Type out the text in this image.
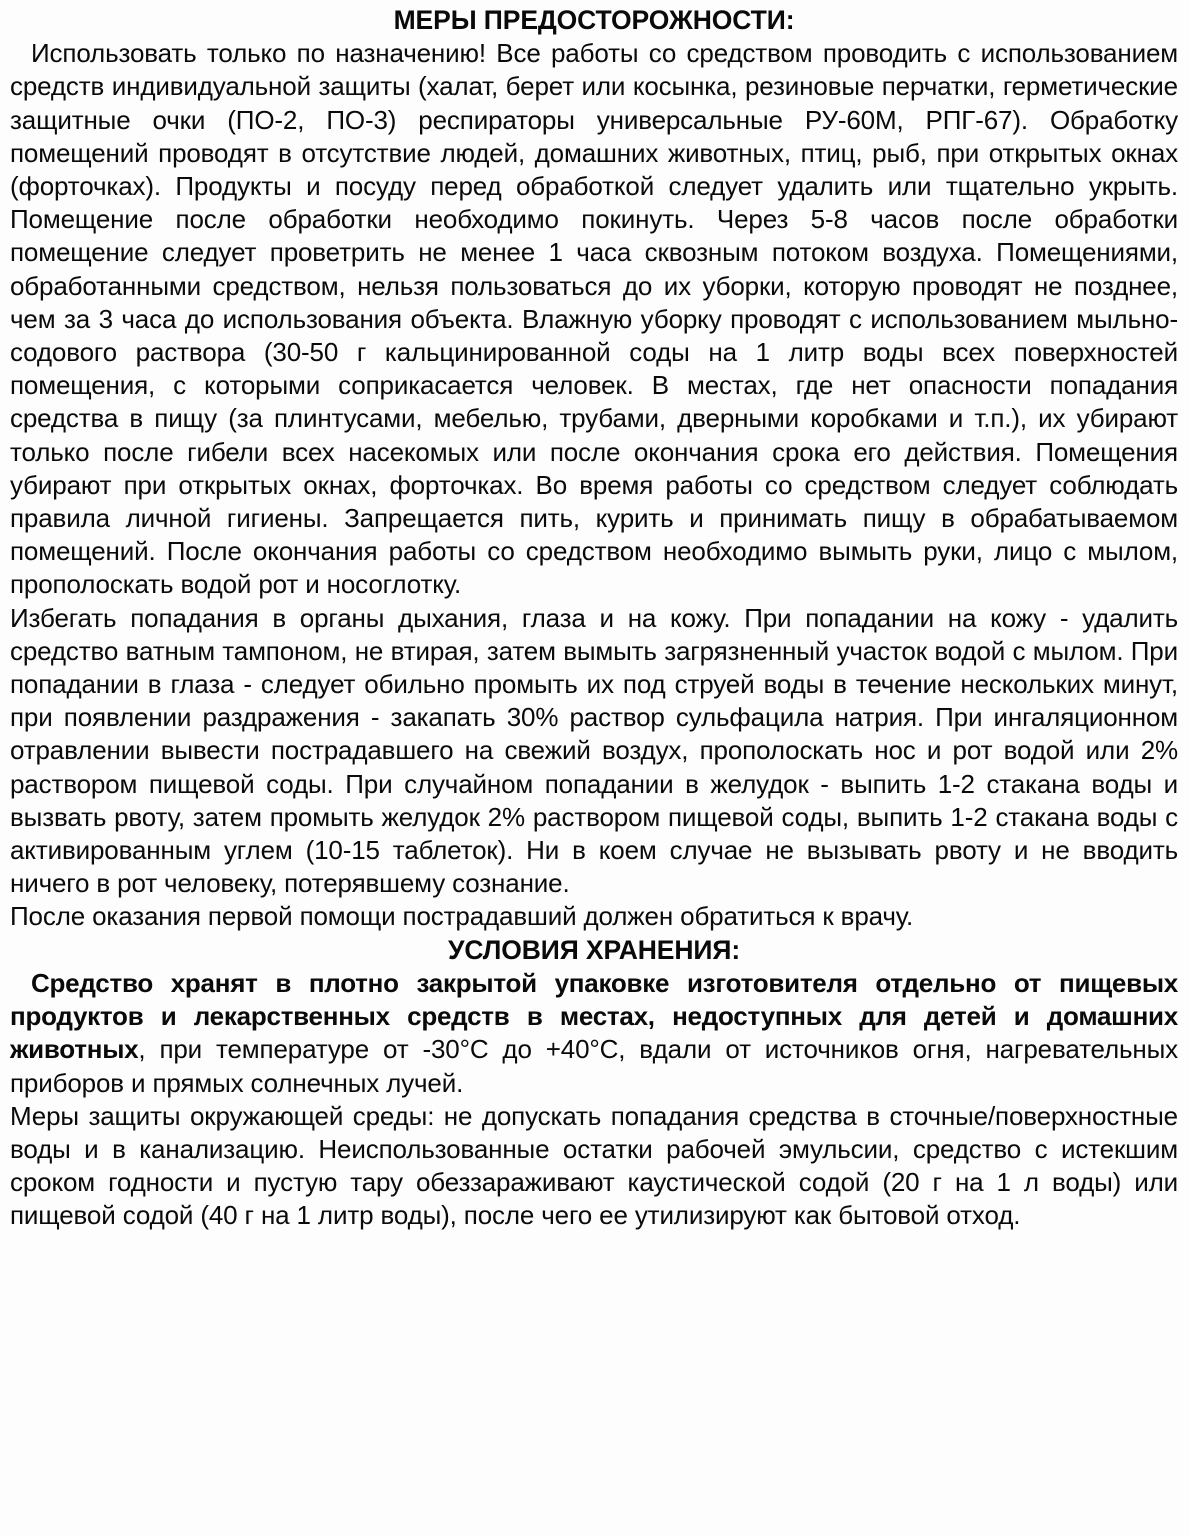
МЕРЫ ПРЕДОСТОРОЖНОСТИ:

Использовать только по назначению! Все работы со средством проводить с использованием средств индивидуальной защиты (халат, берет или косынка, резиновые перчатки, герметические защитные очки (ПО-2, ПО-3) респираторы универсальные РУ-60М, РПГ-67). Обработку помещений проводят в отсутствие людей, домашних животных, птиц, рыб, при открытых окнах (форточках). Продукты и посуду перед обработкой следует удалить или тщательно укрыть. Помещение после обработки необходимо покинуть. Через 5-8 часов после обработки помещение следует проветрить не менее 1 часа сквозным потоком воздуха. Помещениями, обработанными средством, нельзя пользоваться до их уборки, которую проводят не позднее, чем за 3 часа до использования объекта. Влажную уборку проводят с использованием мыльно-содового раствора (30-50 г кальцинированной соды на 1 литр воды всех поверхностей помещения, с которыми соприкасается человек. В местах, где нет опасности попадания средства в пищу (за плинтусами, мебелью, трубами, дверными коробками и т.п.), их убирают только после гибели всех насекомых или после окончания срока его действия. Помещения убирают при открытых окнах, форточках. Во время работы со средством следует соблюдать правила личной гигиены. Запрещается пить, курить и принимать пищу в обрабатываемом помещений. После окончания работы со средством необходимо вымыть руки, лицо с мылом, прополоскать водой рот и носоглотку.

Избегать попадания в органы дыхания, глаза и на кожу. При попадании на кожу - удалить средство ватным тампоном, не втирая, затем вымыть загрязненный участок водой с мылом. При попадании в глаза - следует обильно промыть их под струей воды в течение нескольких минут, при появлении раздражения - закапать 30% раствор сульфацила натрия. При ингаляционном отравлении вывести пострадавшего на свежий воздух, прополоскать нос и рот водой или 2% раствором пищевой соды. При случайном попадании в желудок - выпить 1-2 стакана воды и вызвать рвоту, затем промыть желудок 2% раствором пищевой соды, выпить 1-2 стакана воды с активированным углем (10-15 таблеток). Ни в коем случае не вызывать рвоту и не вводить ничего в рот человеку, потерявшему сознание.

После оказания первой помощи пострадавший должен обратиться к врачу.

УСЛОВИЯ ХРАНЕНИЯ:

Средство хранят в плотно закрытой упаковке изготовителя отдельно от пищевых продуктов и лекарственных средств в местах, недоступных для детей и домашних животных, при температуре от -30°C до +40°C, вдали от источников огня, нагревательных приборов и прямых солнечных лучей.

Меры защиты окружающей среды: не допускать попадания средства в сточные/поверхностные воды и в канализацию. Неиспользованные остатки рабочей эмульсии, средство с истекшим сроком годности и пустую тару обеззараживают каустической содой (20 г на 1 л воды) или пищевой содой (40 г на 1 литр воды), после чего ее утилизируют как бытовой отход.
